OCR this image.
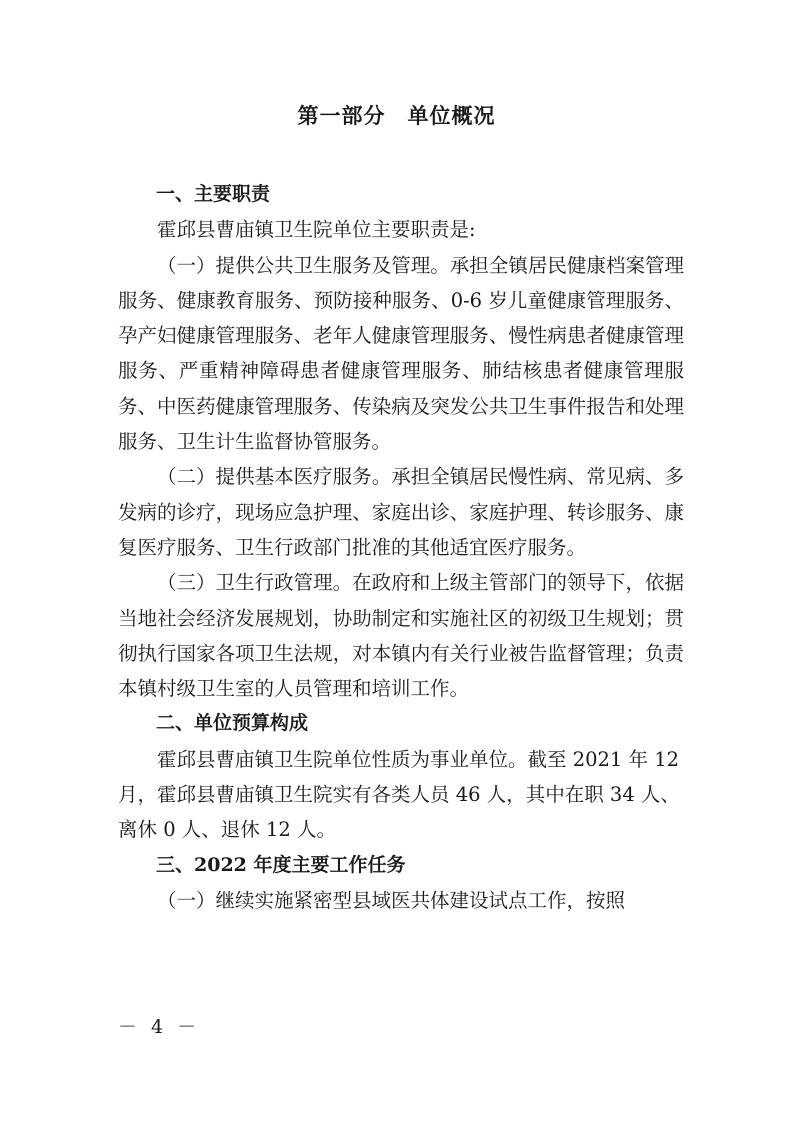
第一部分　单位概况
一、主要职责

霍邱县曹庙镇卫生院单位主要职责是:

（一）提供公共卫生服务及管理。承担全镇居民健康档案管理服务、健康教育服务、预防接种服务、0-6 岁儿童健康管理服务、孕产妇健康管理服务、老年人健康管理服务、慢性病患者健康管理服务、严重精神障碍患者健康管理服务、肺结核患者健康管理服务、中医药健康管理服务、传染病及突发公共卫生事件报告和处理服务、卫生计生监督协管服务。

（二）提供基本医疗服务。承担全镇居民慢性病、常见病、多发病的诊疗，现场应急护理、家庭出诊、家庭护理、转诊服务、康复医疗服务、卫生行政部门批准的其他适宜医疗服务。

（三）卫生行政管理。在政府和上级主管部门的领导下，依据当地社会经济发展规划，协助制定和实施社区的初级卫生规划；贯彻执行国家各项卫生法规，对本镇内有关行业被告监督管理；负责本镇村级卫生室的人员管理和培训工作。

二、单位预算构成

霍邱县曹庙镇卫生院单位性质为事业单位。截至 2021 年 12 月，霍邱县曹庙镇卫生院实有各类人员 46 人，其中在职 34 人、离休 0 人、退休 12 人。

三、2022 年度主要工作任务

（一）继续实施紧密型县域医共体建设试点工作，按照

－ 4 －
